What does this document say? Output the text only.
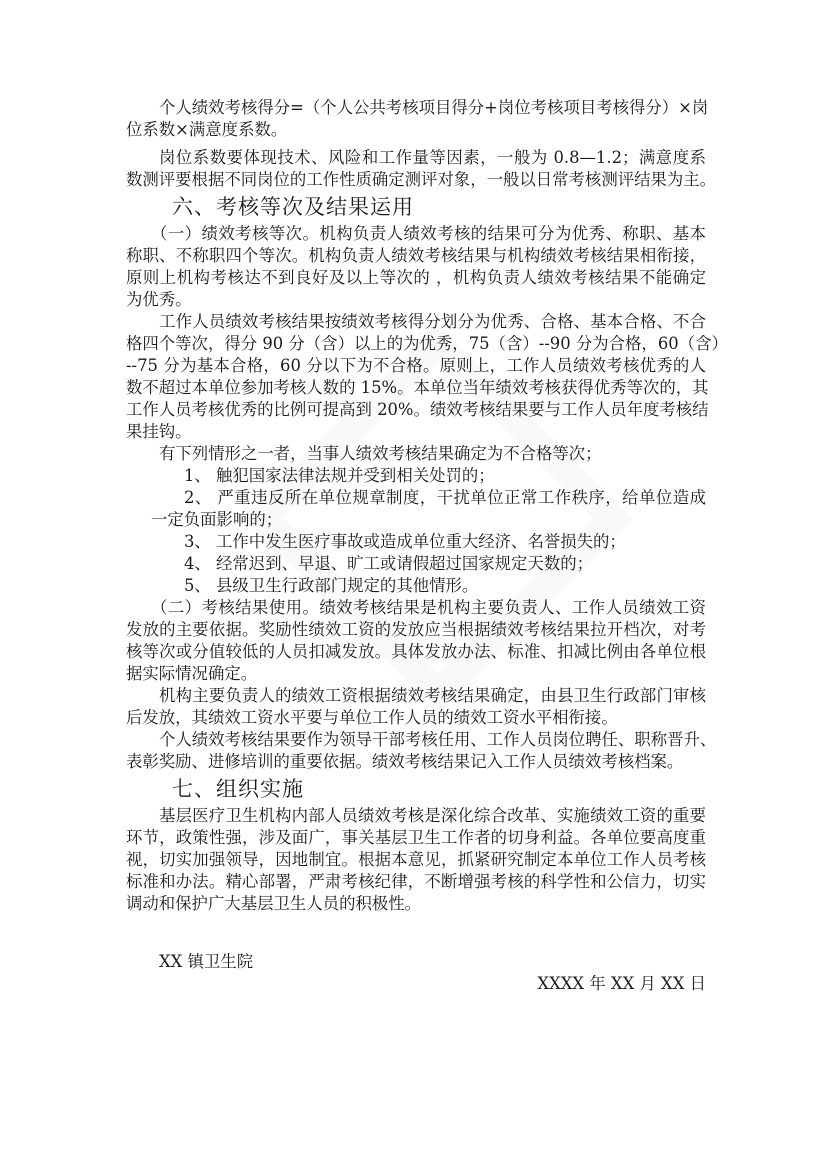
个人绩效考核得分=（个人公共考核项目得分+岗位考核项目考核得分）×岗
位系数×满意度系数。
岗位系数要体现技术、风险和工作量等因素，一般为 0.8—1.2；满意度系
数测评要根据不同岗位的工作性质确定测评对象，一般以日常考核测评结果为主。
六、考核等次及结果运用
（一）绩效考核等次。机构负责人绩效考核的结果可分为优秀、称职、基本
称职、不称职四个等次。机构负责人绩效考核结果与机构绩效考核结果相衔接，
原则上机构考核达不到良好及以上等次的 ，机构负责人绩效考核结果不能确定
为优秀。
工作人员绩效考核结果按绩效考核得分划分为优秀、合格、基本合格、不合
格四个等次，得分 90 分（含）以上的为优秀，75（含）--90 分为合格，60（含）
--75 分为基本合格，60 分以下为不合格。原则上，工作人员绩效考核优秀的人
数不超过本单位参加考核人数的 15%。本单位当年绩效考核获得优秀等次的，其
工作人员考核优秀的比例可提高到 20%。绩效考核结果要与工作人员年度考核结
果挂钩。
有下列情形之一者，当事人绩效考核结果确定为不合格等次；
1、 触犯国家法律法规并受到相关处罚的；
2、 严重违反所在单位规章制度，干扰单位正常工作秩序，给单位造成
一定负面影响的；
3、 工作中发生医疗事故或造成单位重大经济、名誉损失的；
4、 经常迟到、早退、旷工或请假超过国家规定天数的；
5、 县级卫生行政部门规定的其他情形。
（二）考核结果使用。绩效考核结果是机构主要负责人、工作人员绩效工资
发放的主要依据。奖励性绩效工资的发放应当根据绩效考核结果拉开档次，对考
核等次或分值较低的人员扣减发放。具体发放办法、标准、扣减比例由各单位根
据实际情况确定。
机构主要负责人的绩效工资根据绩效考核结果确定，由县卫生行政部门审核
后发放，其绩效工资水平要与单位工作人员的绩效工资水平相衔接。
个人绩效考核结果要作为领导干部考核任用、工作人员岗位聘任、职称晋升、
表彰奖励、进修培训的重要依据。绩效考核结果记入工作人员绩效考核档案。
七、组织实施
基层医疗卫生机构内部人员绩效考核是深化综合改革、实施绩效工资的重要
环节，政策性强，涉及面广，事关基层卫生工作者的切身利益。各单位要高度重
视，切实加强领导，因地制宜。根据本意见，抓紧研究制定本单位工作人员考核
标准和办法。精心部署，严肃考核纪律，不断增强考核的科学性和公信力，切实
调动和保护广大基层卫生人员的积极性。
XX 镇卫生院
XXXX 年 XX 月 XX 日
